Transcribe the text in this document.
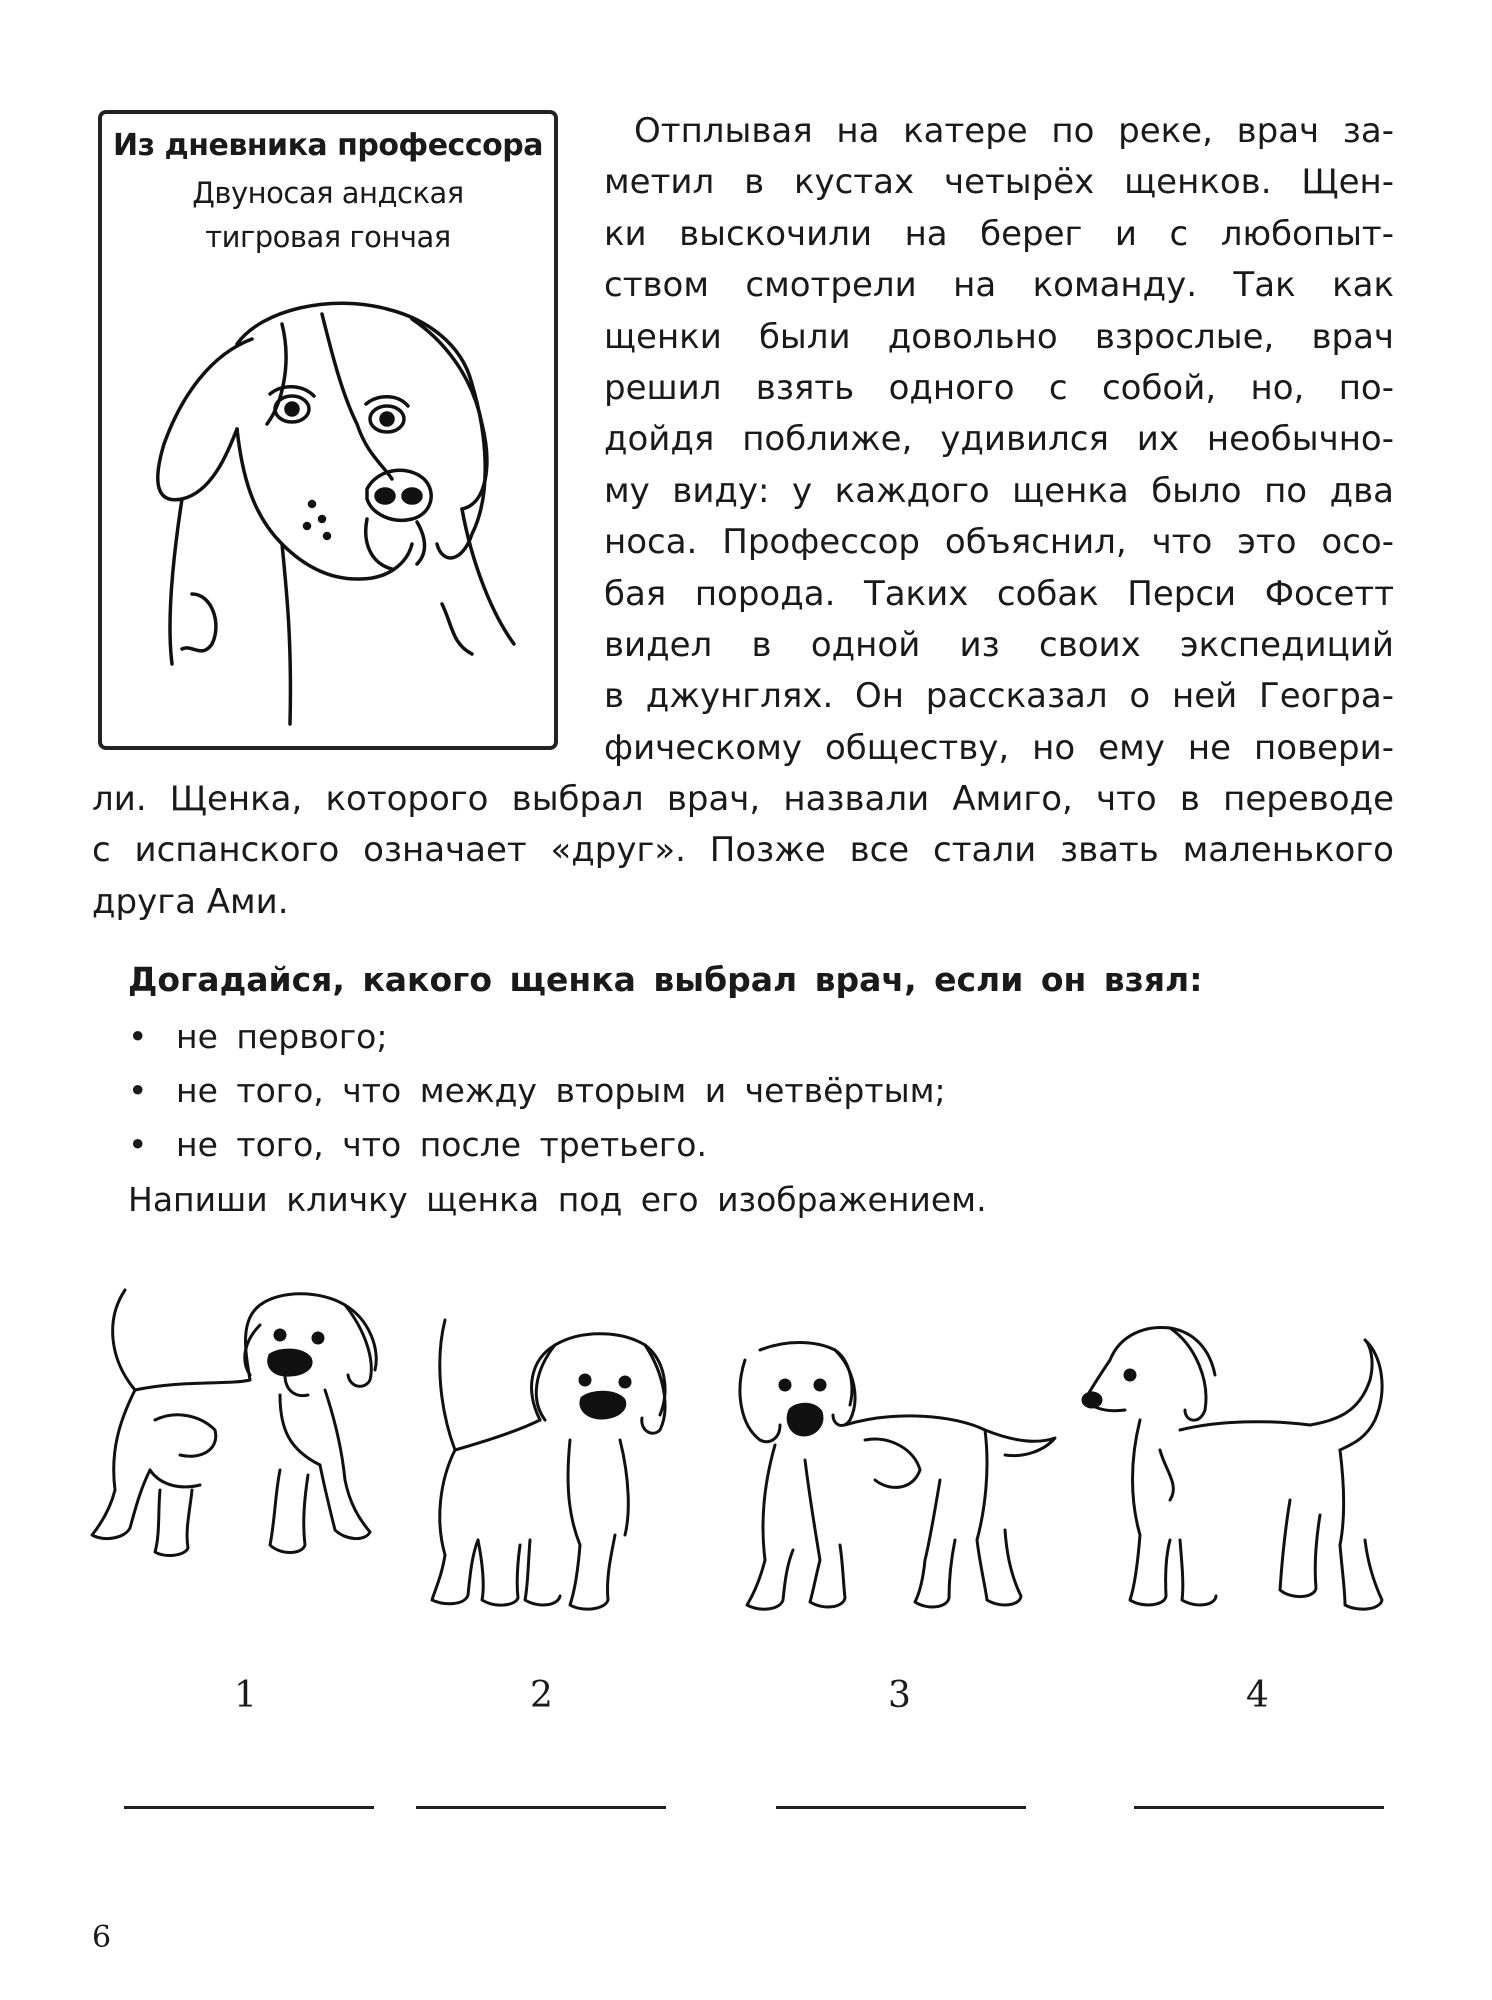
Из дневника профессора
Двуносая андская
тигровая гончая
Отплывая на катере по реке, врач за-
метил в кустах четырёх щенков. Щен-
ки выскочили на берег и с любопыт-
ством смотрели на команду. Так как
щенки были довольно взрослые, врач
решил взять одного с собой, но, по-
дойдя поближе, удивился их необычно-
му виду: у каждого щенка было по два
носа. Профессор объяснил, что это осо-
бая порода. Таких собак Перси Фосетт
видел в одной из своих экспедиций
в джунглях. Он рассказал о ней Геогра-
фическому обществу, но ему не повери-
ли. Щенка, которого выбрал врач, назвали Амиго, что в переводе
с испанского означает «друг». Позже все стали звать маленького
друга Ами.
Догадайся, какого щенка выбрал врач, если он взял:
• не первого;
• не того, что между вторым и четвёртым;
• не того, что после третьего.
Напиши кличку щенка под его изображением.
1	2	3	4
6
